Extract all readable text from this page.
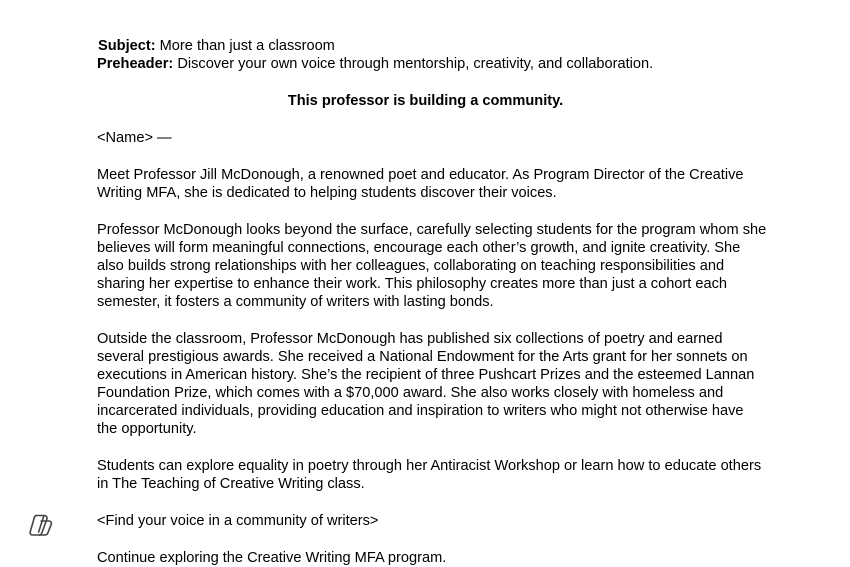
Subject: More than just a classroom

Preheader: Discover your own voice through mentorship, creativity, and collaboration.

This professor is building a community.

<Name> —

Meet Professor Jill McDonough, a renowned poet and educator. As Program Director of the Creative Writing MFA, she is dedicated to helping students discover their voices.

Professor McDonough looks beyond the surface, carefully selecting students for the program whom she believes will form meaningful connections, encourage each other’s growth, and ignite creativity. She also builds strong relationships with her colleagues, collaborating on teaching responsibilities and sharing her expertise to enhance their work. This philosophy creates more than just a cohort each semester, it fosters a community of writers with lasting bonds.

Outside the classroom, Professor McDonough has published six collections of poetry and earned several prestigious awards. She received a National Endowment for the Arts grant for her sonnets on executions in American history. She’s the recipient of three Pushcart Prizes and the esteemed Lannan Foundation Prize, which comes with a $70,000 award. She also works closely with homeless and incarcerated individuals, providing education and inspiration to writers who might not otherwise have the opportunity.

Students can explore equality in poetry through her Antiracist Workshop or learn how to educate others in The Teaching of Creative Writing class.

<Find your voice in a community of writers>

Continue exploring the Creative Writing MFA program.
